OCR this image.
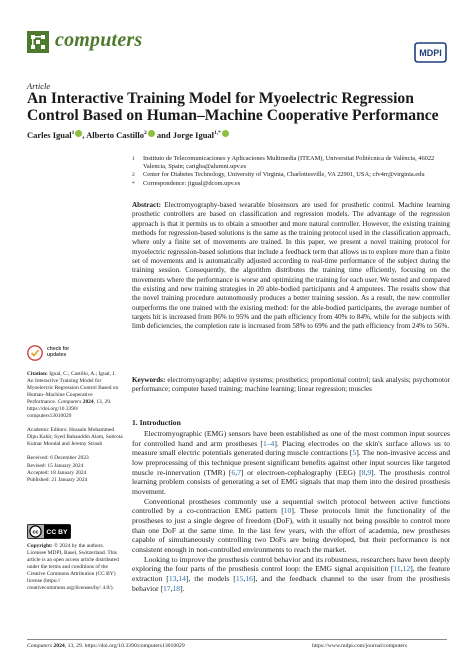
computers
MDPI
Article
An Interactive Training Model for Myoelectric Regression Control Based on Human–Machine Cooperative Performance
Carles Igual$^1$ , Alberto Castillo$^2$ and Jorge Igual$^{1,*}$
1	Instituto de Telecomunicaciones y Aplicaciones Multimedia (ITEAM), Universitat Politècnica de València, 46022 Valencia, Spain; carigba@alumni.upv.es
2	Center for Diabetes Technology, University of Virginia, Charlottesville, VA 22901, USA; cfv4rr@virginia.edu
*	Correspondence: jigual@dcom.upv.es
Abstract: Electromyography-based wearable biosensors are used for prosthetic control. Machine learning prosthetic controllers are based on classification and regression models. The advantage of the regression approach is that it permits us to obtain a smoother and more natural controller. However, the existing training methods for regression-based solutions is the same as the training protocol used in the classification approach, where only a finite set of movements are trained. In this paper, we present a novel training protocol for myoelectric regression-based solutions that include a feedback term that allows us to explore more than a finite set of movements and is automatically adjusted according to real-time performance of the subject during the training session. Consequently, the algorithm distributes the training time efficiently, focusing on the movements where the performance is worse and optimizing the training for each user. We tested and compared the existing and new training strategies in 20 able-bodied participants and 4 amputees. The results show that the novel training procedure autonomously produces a better training session. As a result, the new controller outperforms the one trained with the existing method: for the able-bodied participants, the average number of targets hit is increased from 86% to 95% and the path efficiency from 40% to 84%, while for the subjects with limb deficiencies, the completion rate is increased from 58% to 69% and the path efficiency from 24% to 56%.
Keywords: electromyography; adaptive systems; prosthetics; proportional control; task analysis; psychomotor performance; computer based training; machine learning; linear regression; muscles
1. Introduction

Electromyographic (EMG) sensors have been established as one of the most common input sources for controlled hand and arm prostheses [1–4]. Placing electrodes on the skin's surface allows us to measure small electric potentials generated during muscle contractions [5]. The non-invasive access and low preprocessing of this technique present significant benefits against other input sources like targeted muscle re-innervation (TMR) [6,7] or electroen-cephalography (EEG) [8,9]. The prosthesis control learning problem consists of generating a set of EMG signals that map them into the desired prosthesis movement.

Conventional prostheses commonly use a sequential switch protocol between active functions controlled by a co-contraction EMG pattern [10]. These protocols limit the functionality of the prostheses to just a single degree of freedom (DoF), with it usually not being possible to control more than one DoF at the same time. In the last few years, with the effort of academia, new prostheses capable of simultaneously controlling two DoFs are being developed, but their performance is not consistent enough in non-controlled environments to reach the market.

Looking to improve the prosthesis control behavior and its robustness, researchers have been deeply exploring the four parts of the prosthesis control loop: the EMG signal acquisition [11,12], the feature extraction [13,14], the models [15,16], and the feedback channel to the user from the prosthesis behavior [17,18].

check for updates
Citation: Igual, C.; Castillo, A.; Igual, J. An Interactive Training Model for Myoelectric Regression Control Based on Human–Machine Cooperative Performance. Computers 2024, 13, 29. https://doi.org/10.3390/ computers13010029
Academic Editors: Hussain Mohammed Dipu Kabir, Syed Bahauddin Alam, Subrota Kumar Mondal and Jeremy Straub
Received: 6 December 2023
Revised: 15 January 2024
Accepted: 18 January 2024
Published: 21 January 2024
cc CC BY
Copyright: © 2024 by the authors. Licensee MDPI, Basel, Switzerland. This article is an open access article distributed under the terms and conditions of the Creative Commons Attribution (CC BY) license (https:// creativecommons.org/licenses/by/ 4.0/).
Computers 2024, 13, 29. https://doi.org/10.3390/computers13010029	https://www.mdpi.com/journal/computers
